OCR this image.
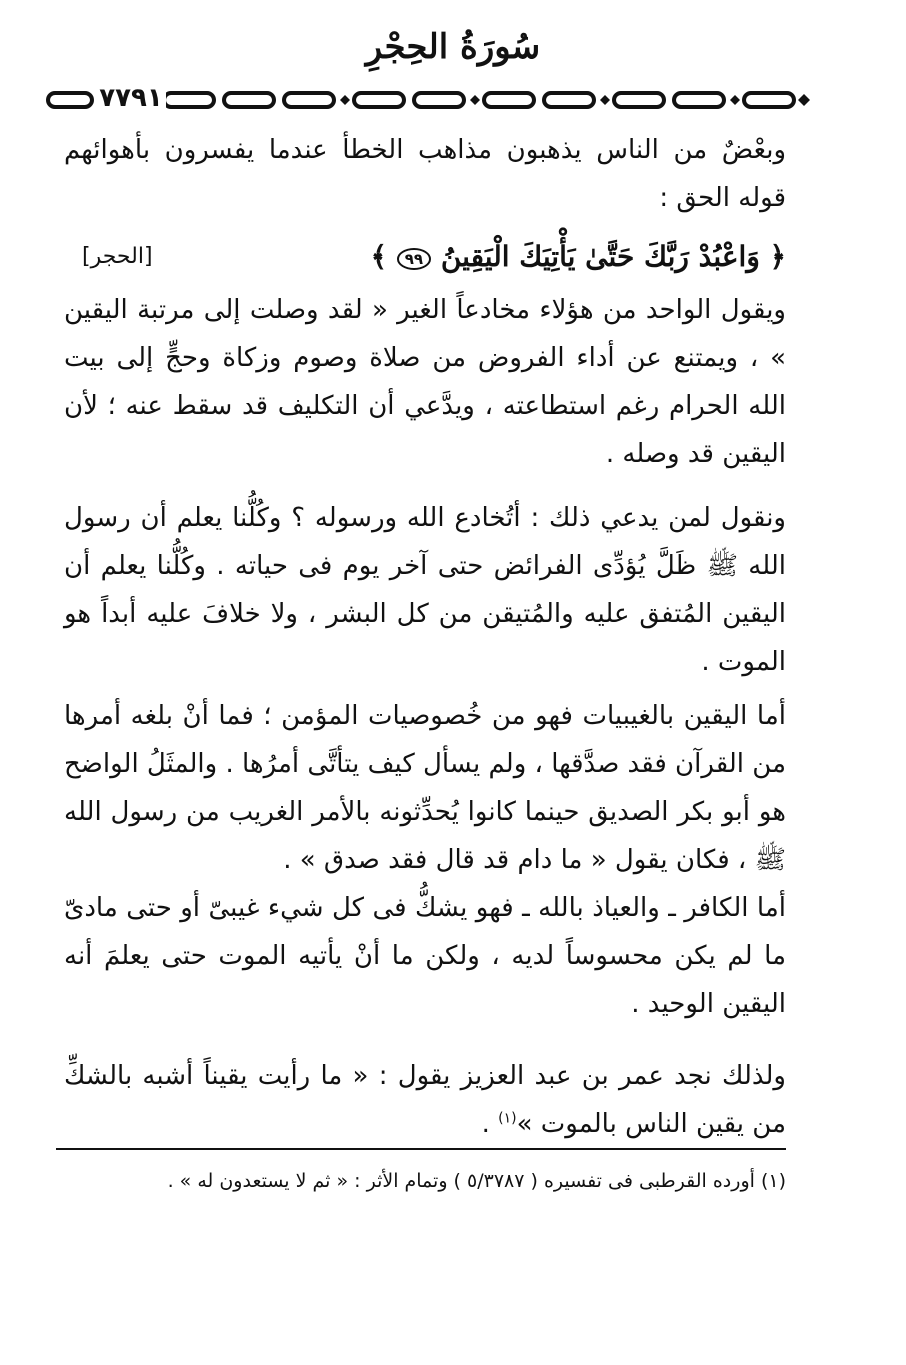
سُورَةُ الحِجْرِ
٧٧٩١
وبعْضٌ من الناس يذهبون مذاهب الخطأ عندما يفسرون بأهوائهم قوله الحق :
﴿ وَاعْبُدْ رَبَّكَ حَتَّىٰ يَأْتِيَكَ الْيَقِينُ ٩٩ ﴾
[الحجر]
ويقول الواحد من هؤلاء مخادعاً الغير « لقد وصلت إلى مرتبة اليقين » ، ويمتنع عن أداء الفروض من صلاة وصوم وزكاة وحجٍّ إلى بيت الله الحرام رغم استطاعته ، ويدَّعي أن التكليف قد سقط عنه ؛ لأن اليقين قد وصله .
ونقول لمن يدعي ذلك : أتُخادع الله ورسوله ؟ وكُلُّنا يعلم أن رسول الله ﷺ ظَلَّ يُؤدِّى الفرائض حتى آخر يوم فى حياته . وكُلُّنا يعلم أن اليقين المُتفق عليه والمُتيقن من كل البشر ، ولا خلافَ عليه أبداً هو الموت .
أما اليقين بالغيبيات فهو من خُصوصيات المؤمن ؛ فما أنْ بلغه أمرها من القرآن فقد صدَّقها ، ولم يسأل كيف يتأتَّى أمرُها . والمثَلُ الواضح هو أبو بكر الصديق حينما كانوا يُحدِّثونه بالأمر الغريب من رسول الله ﷺ ، فكان يقول « ما دام قد قال فقد صدق » .
أما الكافر ـ والعياذ بالله ـ فهو يشكُّ فى كل شيء غيبىّ أو حتى مادىّ ما لم يكن محسوساً لديه ، ولكن ما أنْ يأتيه الموت حتى يعلمَ أنه اليقين الوحيد .
ولذلك نجد عمر بن عبد العزيز يقول : « ما رأيت يقيناً أشبه بالشكِّ من يقين الناس بالموت »$^{(١)}$ .
(١) أورده القرطبى فى تفسيره ( ٥/٣٧٨٧ ) وتمام الأثر : « ثم لا يستعدون له » .
